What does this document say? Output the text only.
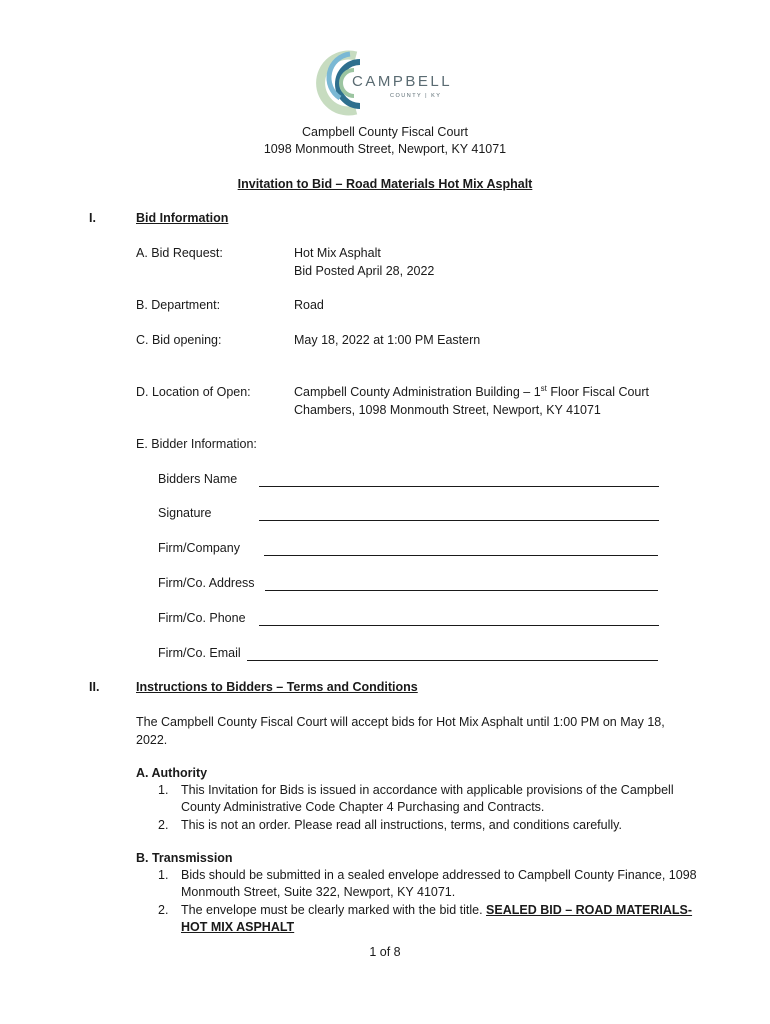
CAMPBELL
COUNTY | KY
Campbell County Fiscal Court
1098 Monmouth Street, Newport, KY 41071
Invitation to Bid – Road Materials Hot Mix Asphalt
I.	Bid Information
A. Bid Request:	Hot Mix Asphalt
Bid Posted April 28, 2022
B. Department:	Road
C. Bid opening:	May 18, 2022 at 1:00 PM Eastern
D. Location of Open:	Campbell County Administration Building – 1st Floor Fiscal Court
Chambers, 1098 Monmouth Street, Newport, KY 41071
E. Bidder Information:
Bidders Name
Signature
Firm/Company
Firm/Co. Address
Firm/Co. Phone
Firm/Co. Email
II.	Instructions to Bidders – Terms and Conditions
The Campbell County Fiscal Court will accept bids for Hot Mix Asphalt until 1:00 PM on May 18,
2022.
A. Authority
1. This Invitation for Bids is issued in accordance with applicable provisions of the Campbell
County Administrative Code Chapter 4 Purchasing and Contracts.
2. This is not an order. Please read all instructions, terms, and conditions carefully.
B. Transmission
1. Bids should be submitted in a sealed envelope addressed to Campbell County Finance, 1098
Monmouth Street, Suite 322, Newport, KY 41071.
2. The envelope must be clearly marked with the bid title. SEALED BID – ROAD MATERIALS-
HOT MIX ASPHALT
1 of 8
